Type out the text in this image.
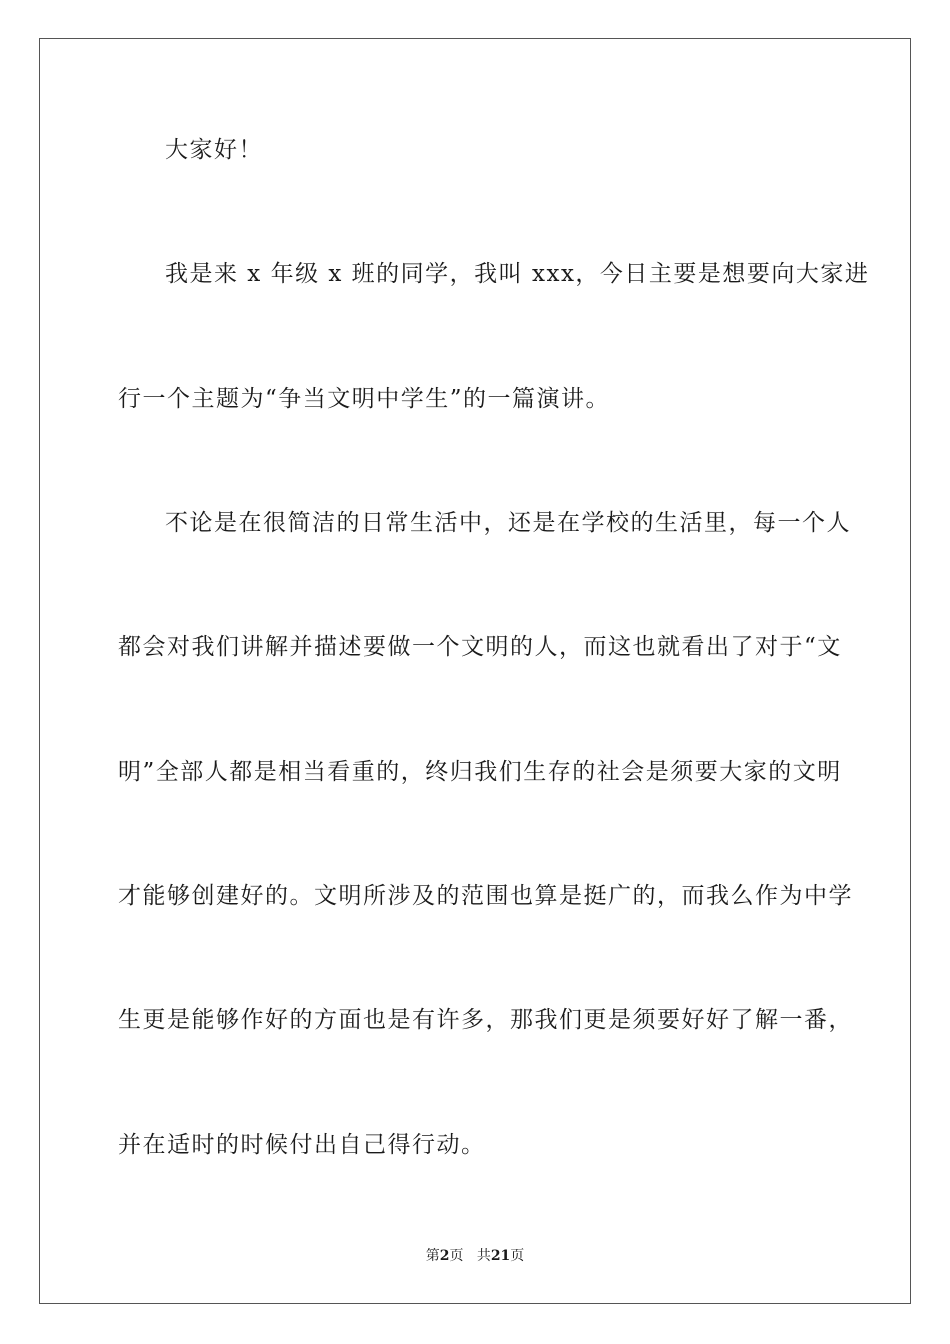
大家好！
我是来 x 年级 x 班的同学，我叫 xxx，今日主要是想要向大家进
行一个主题为“争当文明中学生”的一篇演讲。
不论是在很简洁的日常生活中，还是在学校的生活里，每一个人
都会对我们讲解并描述要做一个文明的人，而这也就看出了对于“文
明”全部人都是相当看重的，终归我们生存的社会是须要大家的文明
才能够创建好的。文明所涉及的范围也算是挺广的，而我么作为中学
生更是能够作好的方面也是有许多，那我们更是须要好好了解一番，
并在适时的时候付出自己得行动。
第2页 共21页
